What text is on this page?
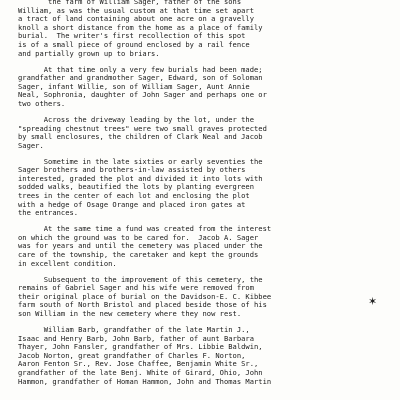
the farm of William Sager, father of the sons
William, as was the usual custom at that time set apart
a tract of land containing about one acre on a gravelly
knoll a short distance from the home as a place of family
burial.  The writer's first recollection of this spot
is of a small piece of ground enclosed by a rail fence
and partially grown up to briars.
At that time only a very few burials had been made;
grandfather and grandmother Sager, Edward, son of Soloman
Sager, infant Willie, son of William Sager, Aunt Annie
Neal, Sophronia, daughter of John Sager and perhaps one or
two others.
Across the driveway leading by the lot, under the
"spreading chestnut trees" were two small graves protected
by small enclosures, the children of Clark Neal and Jacob
Sager.
Sometime in the late sixties or early seventies the
Sager brothers and brothers-in-law assisted by others
interested, graded the plot and divided it into lots with
sodded walks, beautified the lots by planting evergreen
trees in the center of each lot and enclosing the plot
with a hedge of Osage Orange and placed iron gates at
the entrances.
At the same time a fund was created from the interest
on which the ground was to be cared for.  Jacob A. Sager
was for years and until the cemetery was placed under the
care of the township, the caretaker and kept the grounds
in excellent condition.
Subsequent to the improvement of this cemetery, the
remains of Gabriel Sager and his wife were removed from
their original place of burial on the Davidson-E. C. Kibbee
farm south of North Bristol and placed beside those of his
son William in the new cemetery where they now rest.
William Barb, grandfather of the late Martin J.,
Isaac and Henry Barb, John Barb, father of aunt Barbara
Thayer, John Fansler, grandfather of Mrs. Libbie Baldwin,
Jacob Norton, great grandfather of Charles F. Norton,
Aaron Fenton Sr., Rev. Jose Chaffee, Benjamin White Sr.,
grandfather of the late Benj. White of Girard, Ohio, John
Hammon, grandfather of Homan Hammon, John and Thomas Martin
✶
